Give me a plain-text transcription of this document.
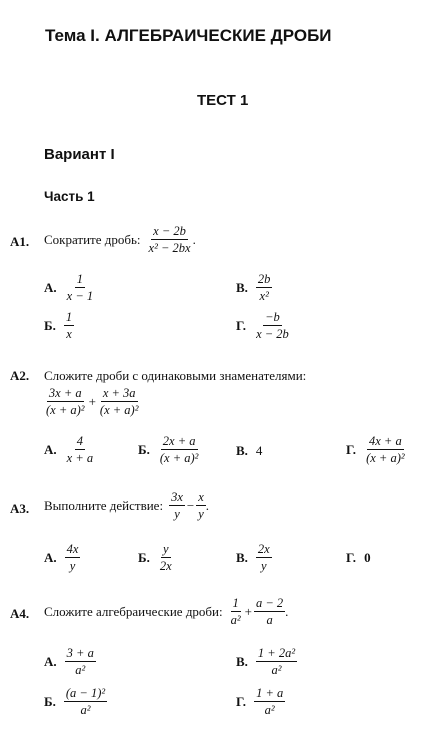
Тема I. АЛГЕБРАИЧЕСКИЕ ДРОБИ
ТЕСТ 1
Вариант I
Часть 1
А1. Сократите дробь: $\frac{x - 2b}{\text{x² − 2bx}}$ .
А. $\frac{1}{x - 1}$	В. $\frac{2b}{\text{x²}}$
Б. $\frac{1}{x}$	Г. $\frac{-b}{x - 2b}$
А2. Сложите дроби с одинаковыми знаменателями:
$\frac{3x + a}{\text{(x + a)²}} + \frac{x + 3a}{\text{(x + a)²}}$
А. $\frac{4}{x + a}$	Б. $\frac{2x + a}{\text{(x + a)²}}$	В. 4	Г. $\frac{4x + a}{\text{(x + a)²}}$
А3. Выполните действие: $\frac{3x}{y} - \frac{x}{y}$ .
А. $\frac{4x}{y}$	Б. $\frac{y}{2x}$	В. $\frac{2x}{y}$	Г. 0
А4. Сложите алгебраические дроби: $\frac{1}{\text{a²}} + \frac{a - 2}{a}$ .
А. $\frac{3 + a}{\text{a²}}$	В. $\frac{\text{1 + 2a²}}{\text{a²}}$
Б. $\frac{\text{(a − 1)²}}{\text{a²}}$	Г. $\frac{1 + a}{\text{a²}}$
